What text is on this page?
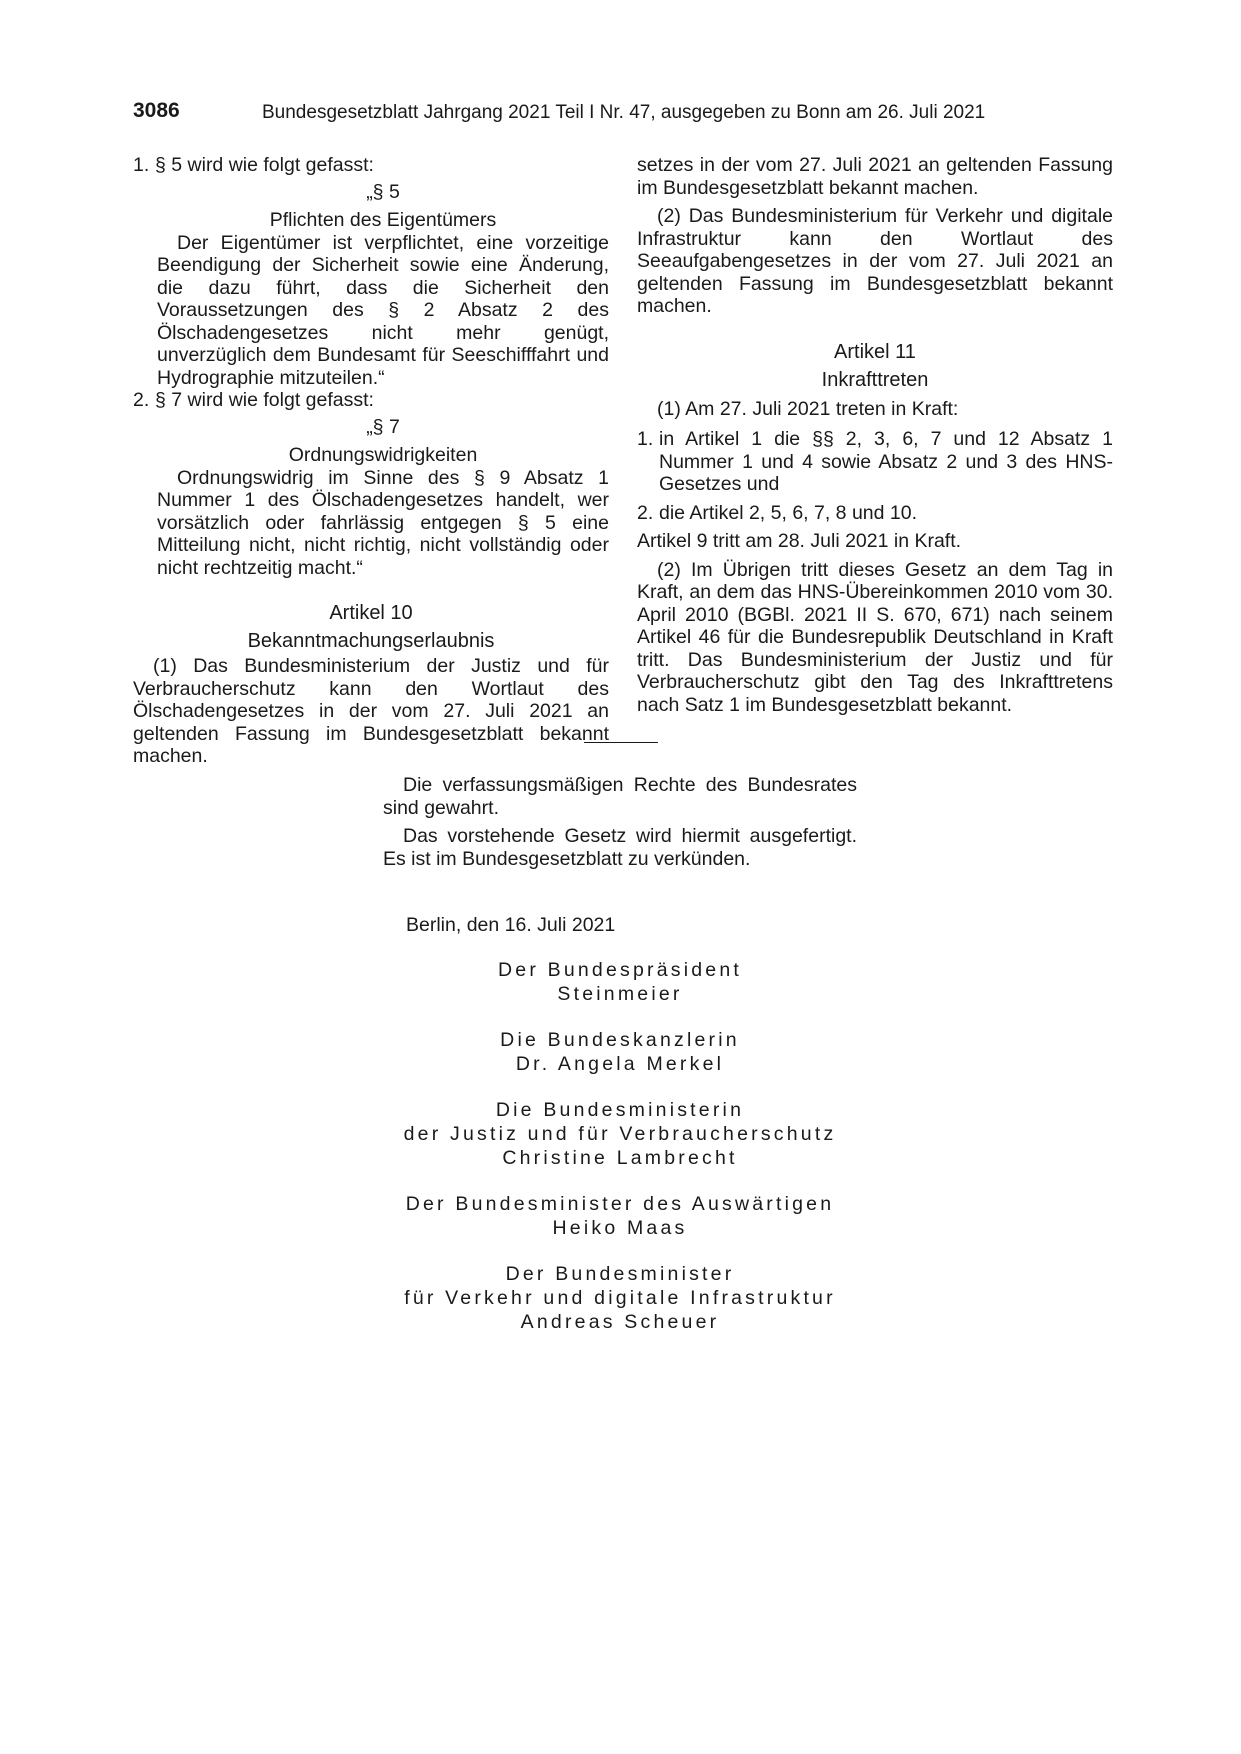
3086	Bundesgesetzblatt Jahrgang 2021 Teil I Nr. 47, ausgegeben zu Bonn am 26. Juli 2021

1. § 5 wird wie folgt gefasst:

„§ 5

Pflichten des Eigentümers

Der Eigentümer ist verpflichtet, eine vorzeitige Beendigung der Sicherheit sowie eine Änderung, die dazu führt, dass die Sicherheit den Voraussetzungen des § 2 Absatz 2 des Ölschadengesetzes nicht mehr genügt, unverzüglich dem Bundesamt für Seeschifffahrt und Hydrographie mitzuteilen.“

2. § 7 wird wie folgt gefasst:

„§ 7

Ordnungswidrigkeiten

Ordnungswidrig im Sinne des § 9 Absatz 1 Nummer 1 des Ölschadengesetzes handelt, wer vorsätzlich oder fahrlässig entgegen § 5 eine Mitteilung nicht, nicht richtig, nicht vollständig oder nicht rechtzeitig macht.“

Artikel 10

Bekanntmachungserlaubnis

(1) Das Bundesministerium der Justiz und für Verbraucherschutz kann den Wortlaut des Ölschadengesetzes in der vom 27. Juli 2021 an geltenden Fassung im Bundesgesetzblatt bekannt machen.

setzes in der vom 27. Juli 2021 an geltenden Fassung im Bundesgesetzblatt bekannt machen.

(2) Das Bundesministerium für Verkehr und digitale Infrastruktur kann den Wortlaut des Seeaufgabengesetzes in der vom 27. Juli 2021 an geltenden Fassung im Bundesgesetzblatt bekannt machen.

Artikel 11

Inkrafttreten

(1) Am 27. Juli 2021 treten in Kraft:

1. in Artikel 1 die §§ 2, 3, 6, 7 und 12 Absatz 1 Nummer 1 und 4 sowie Absatz 2 und 3 des HNS-Gesetzes und

2. die Artikel 2, 5, 6, 7, 8 und 10.

Artikel 9 tritt am 28. Juli 2021 in Kraft.

(2) Im Übrigen tritt dieses Gesetz an dem Tag in Kraft, an dem das HNS-Übereinkommen 2010 vom 30. April 2010 (BGBl. 2021 II S. 670, 671) nach seinem Artikel 46 für die Bundesrepublik Deutschland in Kraft tritt. Das Bundesministerium der Justiz und für Verbraucherschutz gibt den Tag des Inkrafttretens nach Satz 1 im Bundesgesetzblatt bekannt.

Die verfassungsmäßigen Rechte des Bundesrates sind gewahrt.

Das vorstehende Gesetz wird hiermit ausgefertigt. Es ist im Bundesgesetzblatt zu verkünden.

Berlin, den 16. Juli 2021
Der Bundespräsident
Steinmeier
Die Bundeskanzlerin
Dr. Angela Merkel
Die Bundesministerin
der Justiz und für Verbraucherschutz
Christine Lambrecht
Der Bundesminister des Auswärtigen
Heiko Maas
Der Bundesminister
für Verkehr und digitale Infrastruktur
Andreas Scheuer
